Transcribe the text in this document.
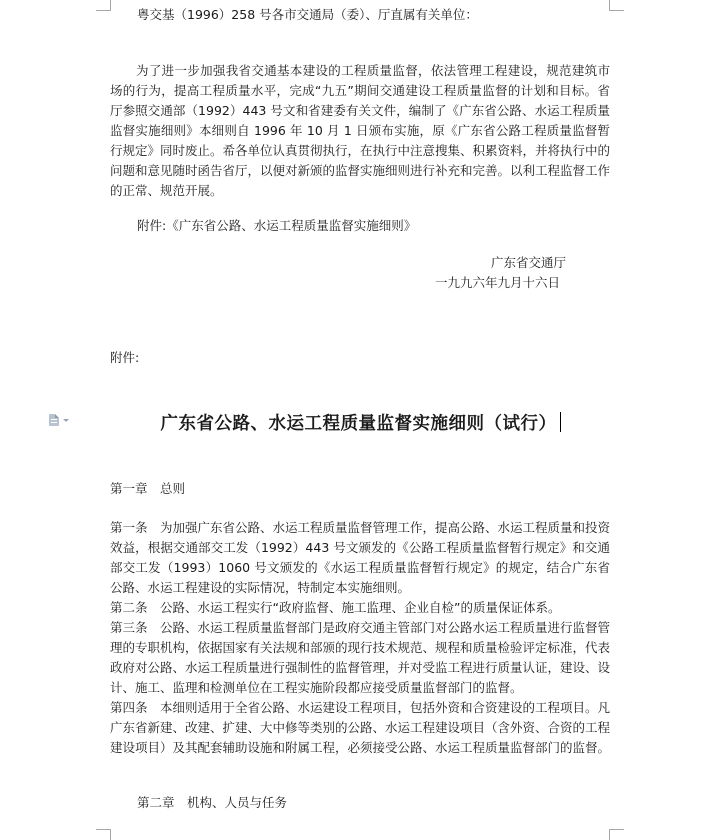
粤交基（1996）258 号各市交通局（委）、厅直属有关单位：

为了进一步加强我省交通基本建设的工程质量监督，依法管理工程建设，规范建筑市场的行为，提高工程质量水平，完成“九五”期间交通建设工程质量监督的计划和目标。省厅参照交通部（1992）443 号文和省建委有关文件，编制了《广东省公路、水运工程质量监督实施细则》本细则自 1996 年 10 月 1 日颁布实施，原《广东省公路工程质量监督暂行规定》同时废止。希各单位认真贯彻执行，在执行中注意搜集、积累资料，并将执行中的问题和意见随时函告省厅，以便对新颁的监督实施细则进行补充和完善。以利工程监督工作的正常、规范开展。

附件:《广东省公路、水运工程质量监督实施细则》
广东省交通厅
一九九六年九月十六日
附件:
广东省公路、水运工程质量监督实施细则（试行）
第一章　总则

第一条　为加强广东省公路、水运工程质量监督管理工作，提高公路、水运工程质量和投资效益，根据交通部交工发（1992）443 号文颁发的《公路工程质量监督暂行规定》和交通部交工发（1993）1060 号文颁发的《水运工程质量监督暂行规定》的规定，结合广东省公路、水运工程建设的实际情况，特制定本实施细则。

第二条　公路、水运工程实行“政府监督、施工监理、企业自检”的质量保证体系。

第三条　公路、水运工程质量监督部门是政府交通主管部门对公路水运工程质量进行监督管理的专职机构，依据国家有关法规和部颁的现行技术规范、规程和质量检验评定标准，代表政府对公路、水运工程质量进行强制性的监督管理，并对受监工程进行质量认证，建设、设计、施工、监理和检测单位在工程实施阶段都应接受质量监督部门的监督。

第四条　本细则适用于全省公路、水运建设工程项目，包括外资和合资建设的工程项目。凡广东省新建、改建、扩建、大中修等类别的公路、水运工程建设项目（含外资、合资的工程建设项目）及其配套辅助设施和附属工程，必须接受公路、水运工程质量监督部门的监督。

第二章　机构、人员与任务
